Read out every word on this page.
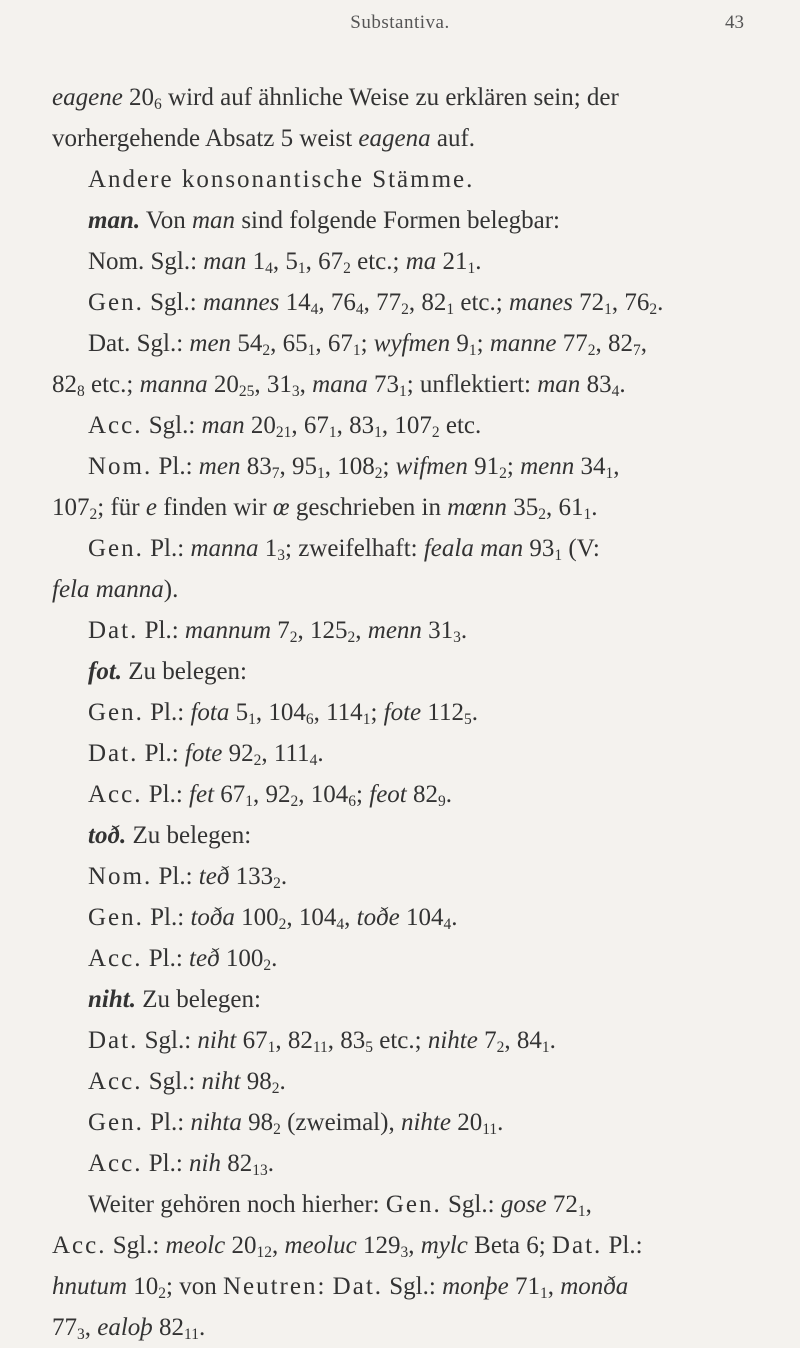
Substantiva.	43
eagene $20_6$ wird auf ähnliche Weise zu erklären sein; der
vorhergehende Absatz 5 weist eagena auf.
Andere konsonantische Stämme.
man. Von man sind folgende Formen belegbar:
Nom. Sgl.: man $1_4$, $5_1$, $67_2$ etc.; ma $21_1$.
Gen. Sgl.: mannes $14_4$, $76_4$, $77_2$, $82_1$ etc.; manes $72_1$, $76_2$.
Dat. Sgl.: men $54_2$, $65_1$, $67_1$; wyfmen $9_1$; manne $77_2$, $82_7$,
$82_8$ etc.; manna $20_{25}$, $31_3$, mana $73_1$; unflektiert: man $83_4$.
Acc. Sgl.: man $20_{21}$, $67_1$, $83_1$, $107_2$ etc.
Nom. Pl.: men $83_7$, $95_1$, $108_2$; wifmen $91_2$; menn $34_1$,
$107_2$; für e finden wir œ geschrieben in mœnn $35_2$, $61_1$.
Gen. Pl.: manna $1_3$; zweifelhaft: feala man $93_1$ (V:
fela manna).
Dat. Pl.: mannum $7_2$, $125_2$, menn $31_3$.
fot. Zu belegen:
Gen. Pl.: fota $5_1$, $104_6$, $114_1$; fote $112_5$.
Dat. Pl.: fote $92_2$, $111_4$.
Acc. Pl.: fet $67_1$, $92_2$, $104_6$; feot $82_9$.
toð. Zu belegen:
Nom. Pl.: teð $133_2$.
Gen. Pl.: toða $100_2$, $104_4$, toðe $104_4$.
Acc. Pl.: teð $100_2$.
niht. Zu belegen:
Dat. Sgl.: niht $67_1$, $82_{11}$, $83_5$ etc.; nihte $7_2$, $84_1$.
Acc. Sgl.: niht $98_2$.
Gen. Pl.: nihta $98_2$ (zweimal), nihte $20_{11}$.
Acc. Pl.: nih $82_{13}$.
Weiter gehören noch hierher: Gen. Sgl.: gose $72_1$,
Acc. Sgl.: meolc $20_{12}$, meoluc $129_3$, mylc Beta 6; Dat. Pl.:
hnutum $10_2$; von Neutren: Dat. Sgl.: monþe $71_1$, monða
$77_3$, ealoþ $82_{11}$.
